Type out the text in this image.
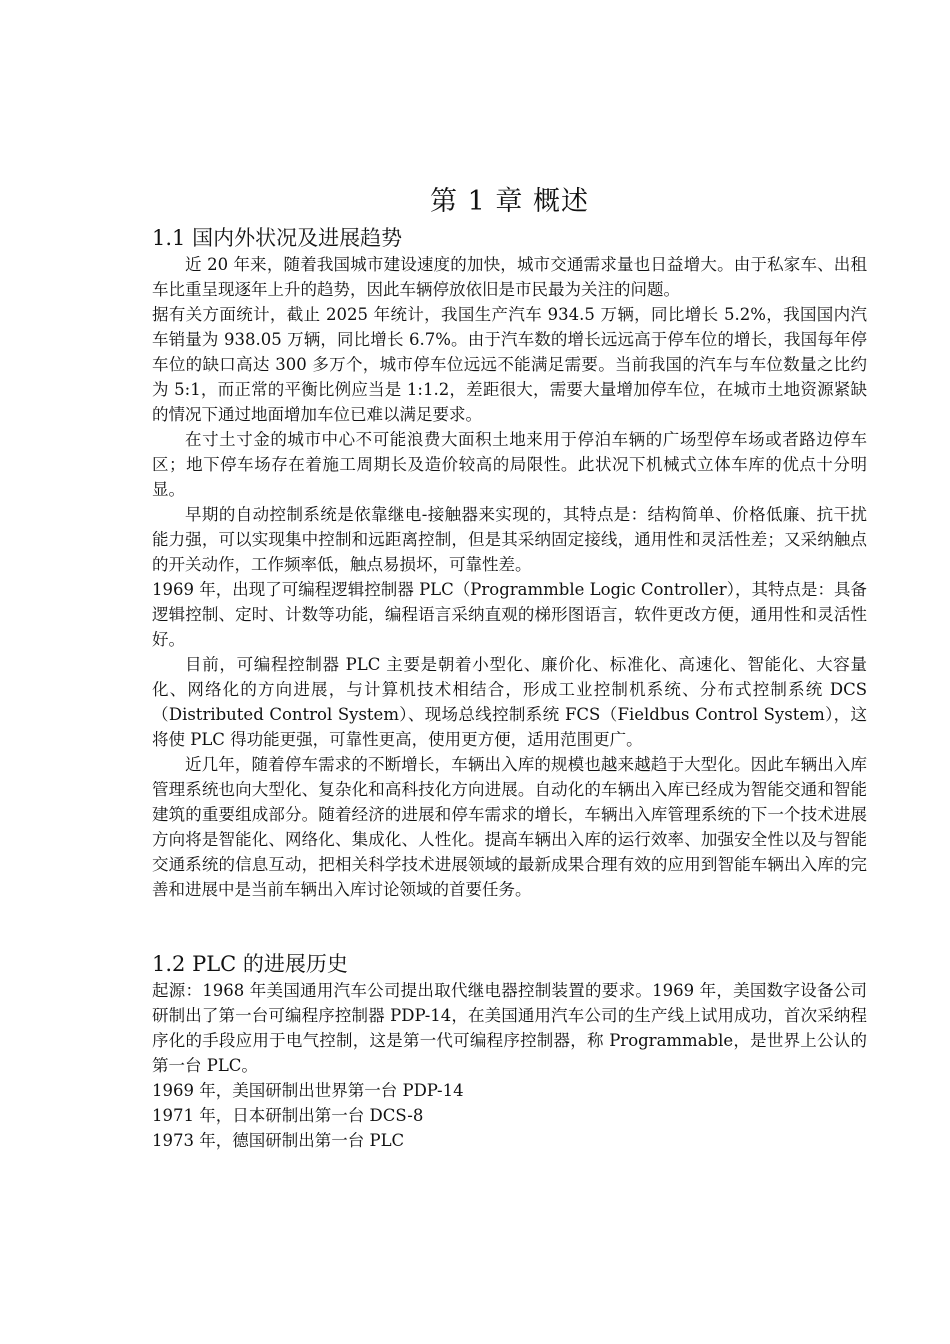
第 1 章 概述
1.1 国内外状况及进展趋势

近 20 年来，随着我国城市建设速度的加快，城市交通需求量也日益增大。由于私家车、出租车比重呈现逐年上升的趋势，因此车辆停放依旧是市民最为关注的问题。

据有关方面统计，截止 2025 年统计，我国生产汽车 934.5 万辆，同比增长 5.2%，我国国内汽车销量为 938.05 万辆，同比增长 6.7%。由于汽车数的增长远远高于停车位的增长，我国每年停车位的缺口高达 300 多万个，城市停车位远远不能满足需要。当前我国的汽车与车位数量之比约为 5:1，而正常的平衡比例应当是 1:1.2，差距很大，需要大量增加停车位，在城市土地资源紧缺的情况下通过地面增加车位已难以满足要求。

在寸土寸金的城市中心不可能浪费大面积土地来用于停泊车辆的广场型停车场或者路边停车区；地下停车场存在着施工周期长及造价较高的局限性。此状况下机械式立体车库的优点十分明显。

早期的自动控制系统是依靠继电-接触器来实现的，其特点是：结构简单、价格低廉、抗干扰能力强，可以实现集中控制和远距离控制，但是其采纳固定接线，通用性和灵活性差；又采纳触点的开关动作，工作频率低，触点易损坏，可靠性差。

1969 年，出现了可编程逻辑控制器 PLC（Programmble Logic Controller），其特点是：具备逻辑控制、定时、计数等功能，编程语言采纳直观的梯形图语言，软件更改方便，通用性和灵活性好。

目前，可编程控制器 PLC 主要是朝着小型化、廉价化、标准化、高速化、智能化、大容量化、网络化的方向进展，与计算机技术相结合，形成工业控制机系统、分布式控制系统 DCS（Distributed Control System）、现场总线控制系统 FCS（Fieldbus Control System），这将使 PLC 得功能更强，可靠性更高，使用更方便，适用范围更广。

近几年，随着停车需求的不断增长，车辆出入库的规模也越来越趋于大型化。因此车辆出入库管理系统也向大型化、复杂化和高科技化方向进展。自动化的车辆出入库已经成为智能交通和智能建筑的重要组成部分。随着经济的进展和停车需求的增长，车辆出入库管理系统的下一个技术进展方向将是智能化、网络化、集成化、人性化。提高车辆出入库的运行效率、加强安全性以及与智能交通系统的信息互动，把相关科学技术进展领域的最新成果合理有效的应用到智能车辆出入库的完善和进展中是当前车辆出入库讨论领域的首要任务。

1.2 PLC 的进展历史

起源：1968 年美国通用汽车公司提出取代继电器控制装置的要求。1969 年，美国数字设备公司研制出了第一台可编程序控制器 PDP-14，在美国通用汽车公司的生产线上试用成功，首次采纳程序化的手段应用于电气控制，这是第一代可编程序控制器，称 Programmable，是世界上公认的第一台 PLC。

1969 年，美国研制出世界第一台 PDP-14

1971 年，日本研制出第一台 DCS-8

1973 年，德国研制出第一台 PLC
